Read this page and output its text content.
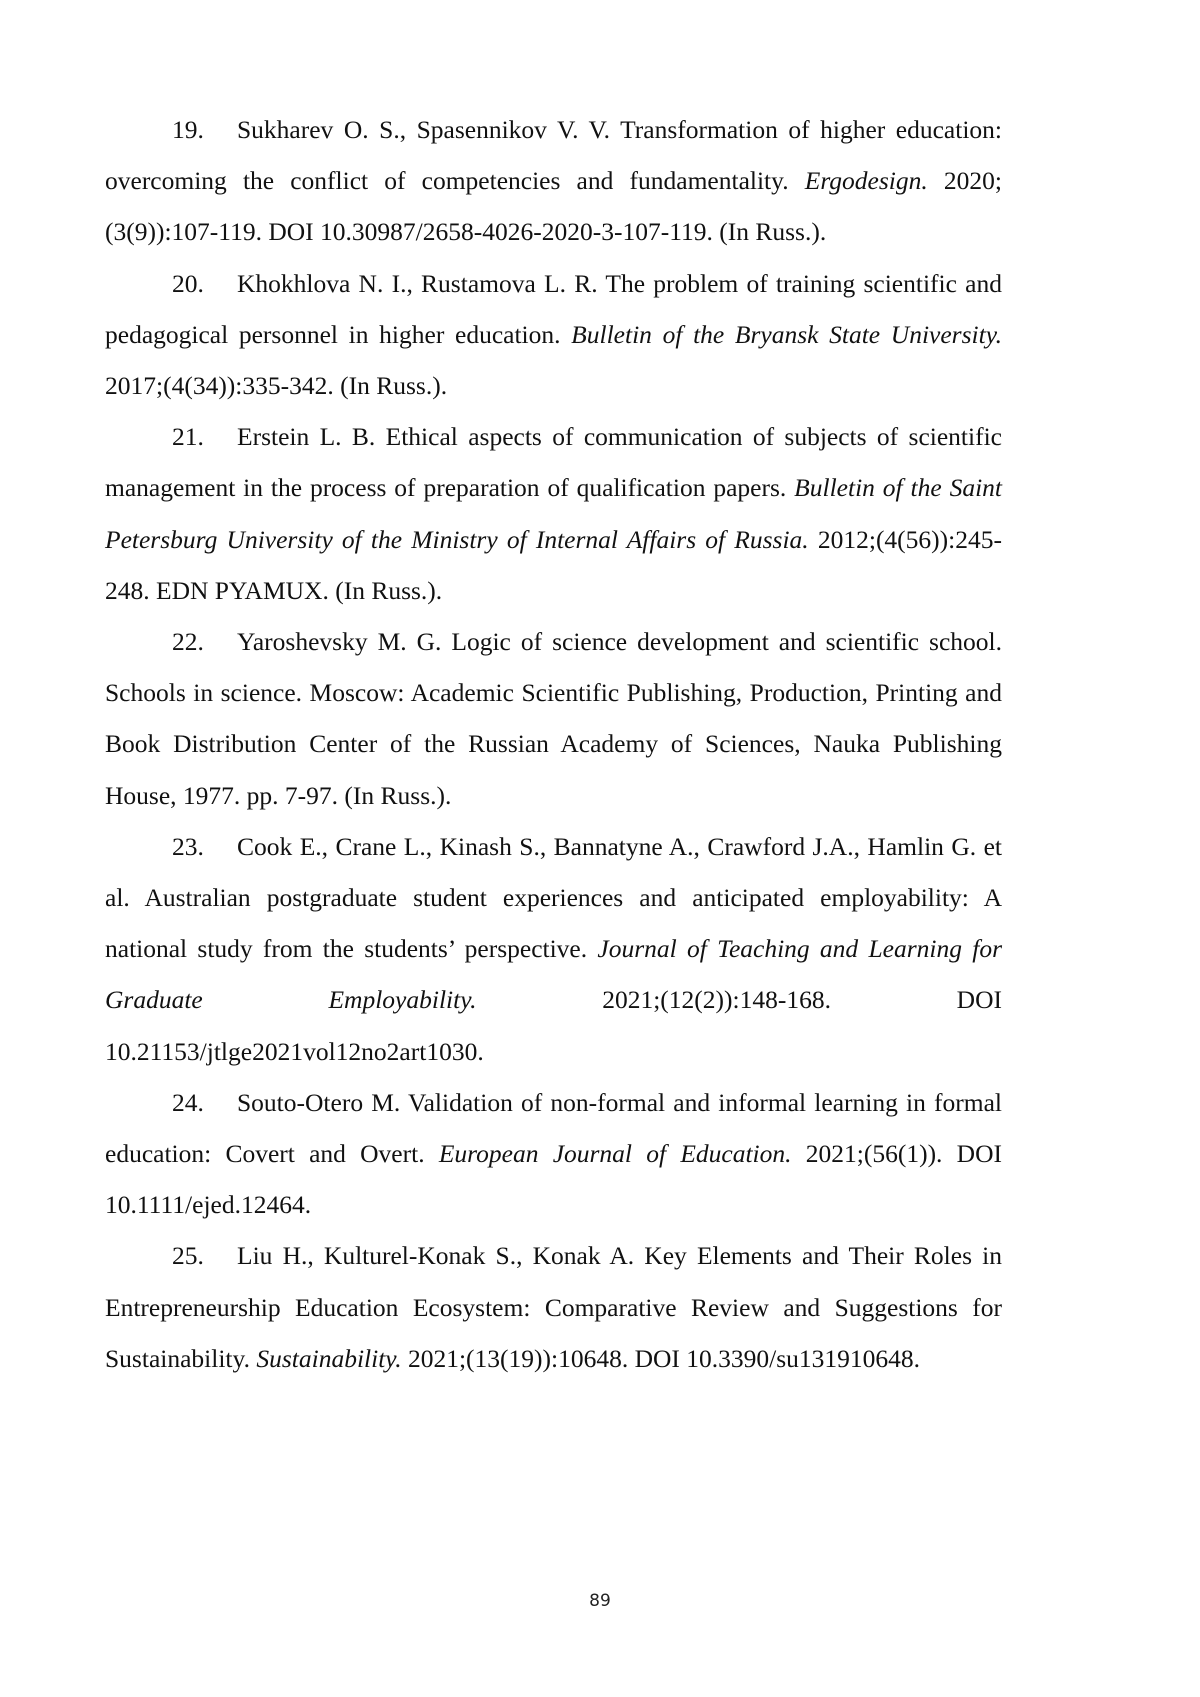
19. Sukharev O. S., Spasennikov V. V. Transformation of higher education: overcoming the conflict of competencies and fundamentality. Ergodesign. 2020;(3(9)):107-119. DOI 10.30987/2658-4026-2020-3-107-119. (In Russ.).

20. Khokhlova N. I., Rustamova L. R. The problem of training scientific and pedagogical personnel in higher education. Bulletin of the Bryansk State University. 2017;(4(34)):335-342. (In Russ.).

21. Erstein L. B. Ethical aspects of communication of subjects of scientific management in the process of preparation of qualification papers. Bulletin of the Saint Petersburg University of the Ministry of Internal Affairs of Russia. 2012;(4(56)):245-248. EDN PYAMUX. (In Russ.).

22. Yaroshevsky M. G. Logic of science development and scientific school. Schools in science. Moscow: Academic Scientific Publishing, Production, Printing and Book Distribution Center of the Russian Academy of Sciences, Nauka Publishing House, 1977. pp. 7-97. (In Russ.).

23. Cook E., Crane L., Kinash S., Bannatyne A., Crawford J.A., Hamlin G. et al. Australian postgraduate student experiences and anticipated employability: A national study from the students’ perspective. Journal of Teaching and Learning for Graduate Employability. 2021;(12(2)):148-168. DOI 10.21153/jtlge2021vol12no2art1030.

24. Souto-Otero M. Validation of non-formal and informal learning in formal education: Covert and Overt. European Journal of Education. 2021;(56(1)). DOI 10.1111/ejed.12464.

25. Liu H., Kulturel-Konak S., Konak A. Key Elements and Their Roles in Entrepreneurship Education Ecosystem: Comparative Review and Suggestions for Sustainability. Sustainability. 2021;(13(19)):10648. DOI 10.3390/su131910648.

89
